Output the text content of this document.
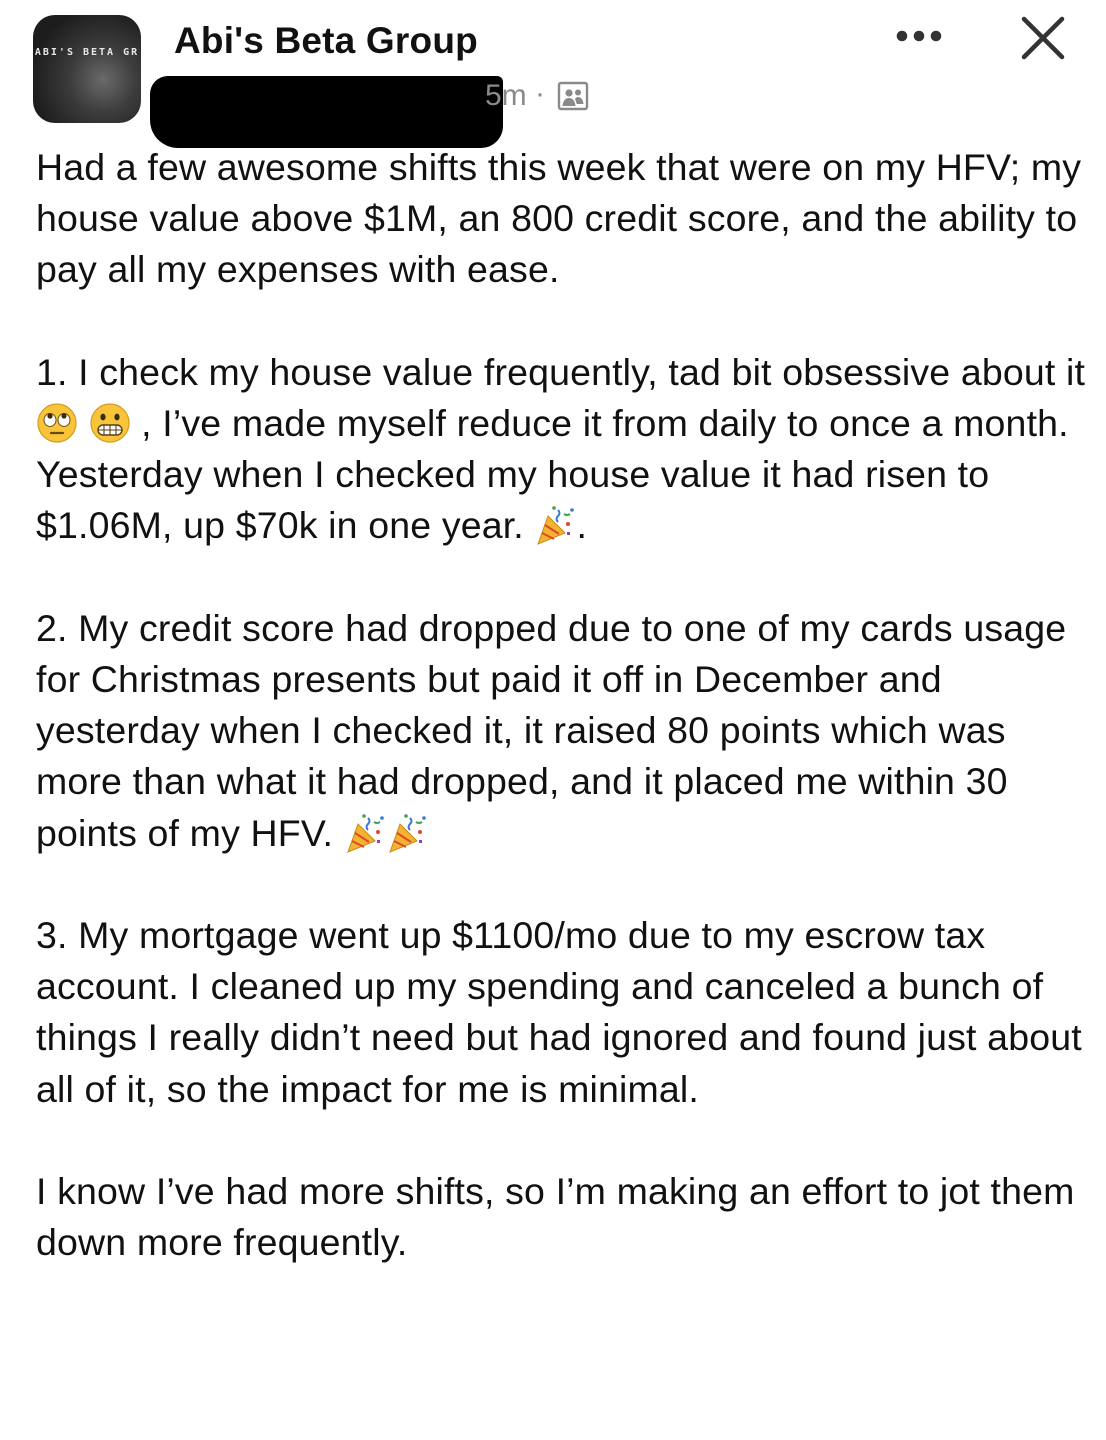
ABI'S BETA GR Abi's Beta Group
5m ·

Had a few awesome shifts this week that were on my HFV; my house value above $1M, an 800 credit score, and the ability to pay all my expenses with ease.

1. I check my house value frequently, tad bit obsessive about it   , I’ve made myself reduce it from daily to once a month. Yesterday when I checked my house value it had risen to $1.06M, up $70k in one year. .

2. My credit score had dropped due to one of my cards usage for Christmas presents but paid it off in December and yesterday when I checked it, it raised 80 points which was more than what it had dropped, and it placed me within 30 points of my HFV.

3. My mortgage went up $1100/mo due to my escrow tax account. I cleaned up my spending and canceled a bunch of things I really didn’t need but had ignored and found just about all of it, so the impact for me is minimal.

I know I’ve had more shifts, so I’m making an effort to jot them down more frequently.
